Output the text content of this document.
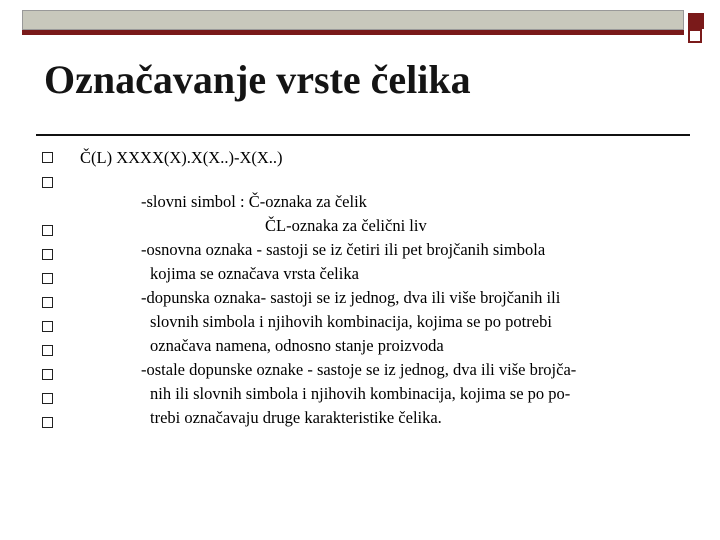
Označavanje vrste čelika
Č(L) XXXX(X).X(X..)-X(X..)
-slovni simbol : Č-oznaka za čelik
ČL-oznaka za čelični liv
-osnovna oznaka - sastoji se iz četiri ili pet brojčanih simbola
kojima se označava vrsta čelika
-dopunska oznaka- sastoji se iz jednog, dva ili više brojčanih ili
slovnih simbola i njihovih kombinacija, kojima se po potrebi
označava namena, odnosno stanje proizvoda
-ostale dopunske oznake - sastoje se iz jednog, dva ili više brojča-
nih ili slovnih simbola i njihovih kombinacija, kojima se po po-
trebi označavaju druge karakteristike čelika.
